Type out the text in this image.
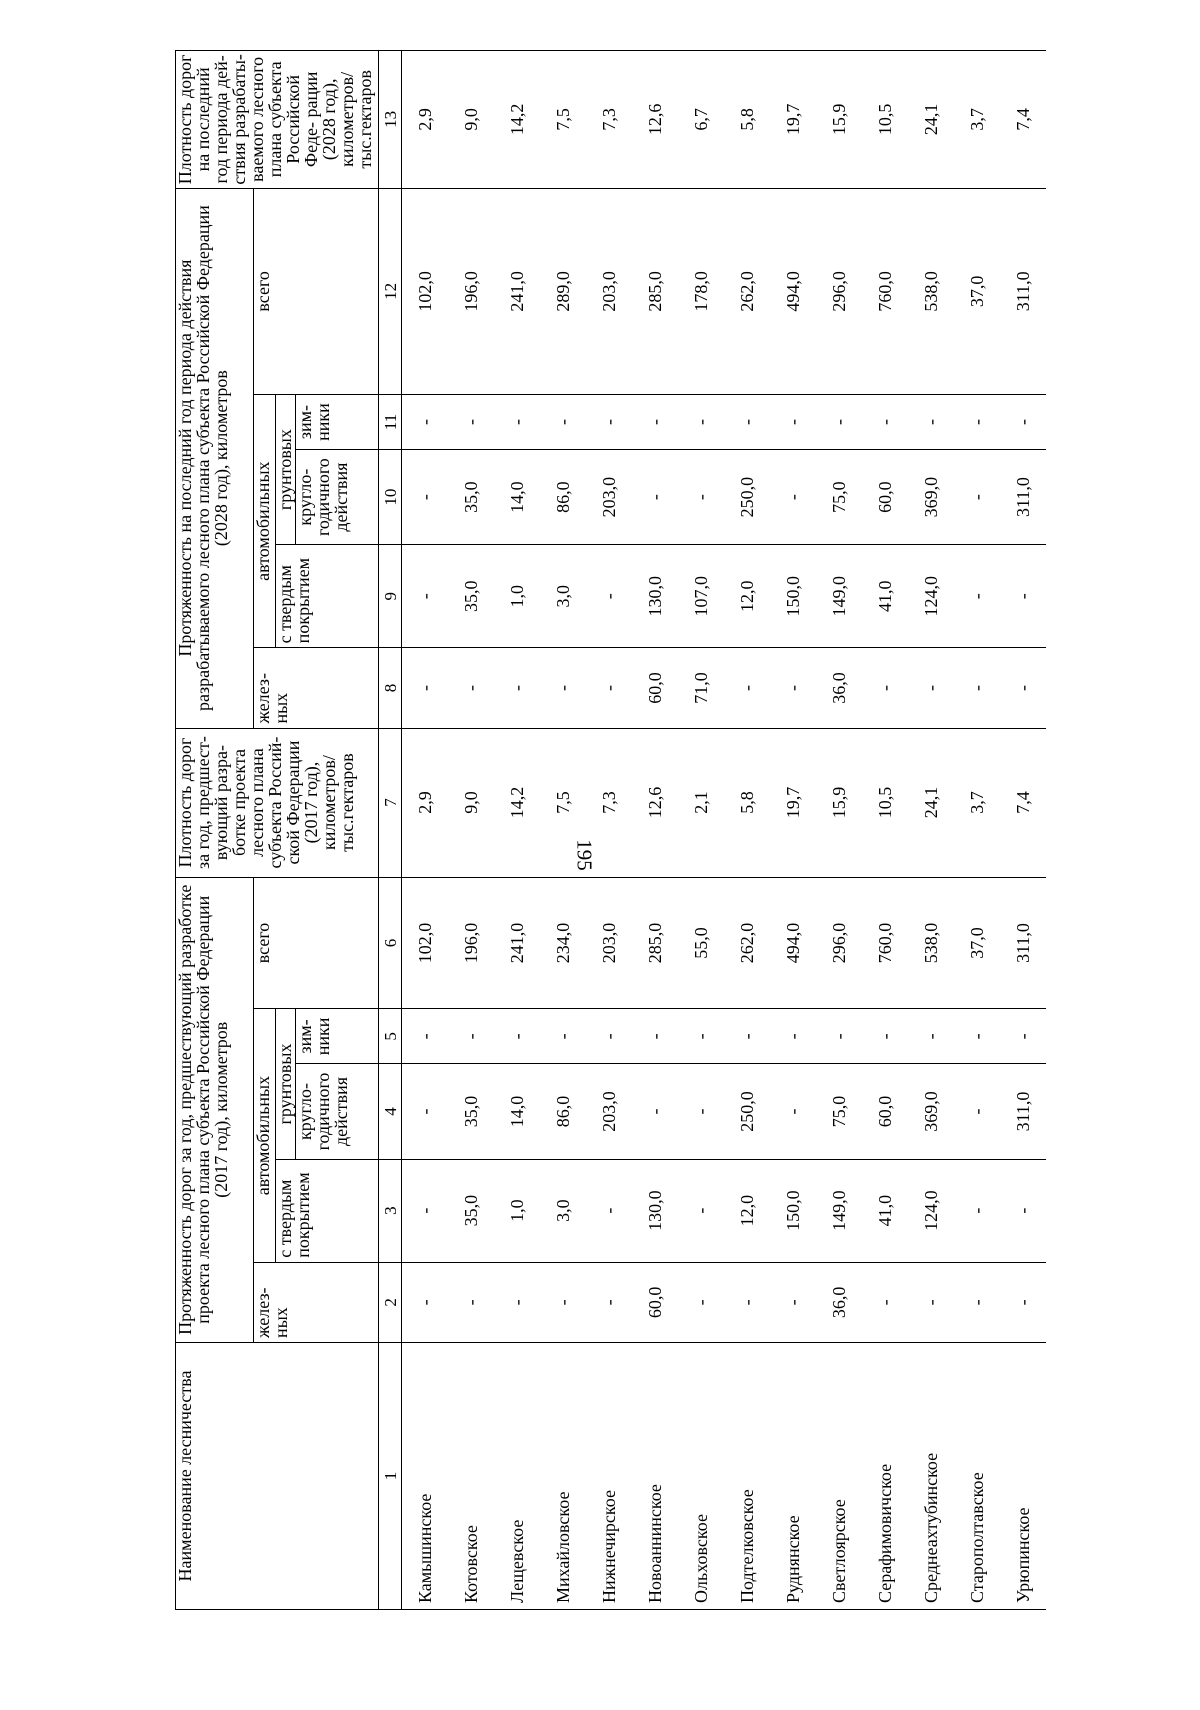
195
Наименование лесничества	Протяженность дорог за год, предшествующий разработке проекта лесного плана субъекта Российской Федерации (2017 год), километров					Плотность дорог за год, предшест- вующий разра- ботке проекта лесного плана субъекта Россий- ской Федерации (2017 год), километров/ тыс.гектаров	Протяженность на последний год периода действия разрабатываемого лесного плана субъекта Российской Федерации (2028 год), километров					Плотность дорог на последний год периода дей- ствия разрабаты- ваемого лесного плана субъекта Российской Феде- рации (2028 год), километров/ тыс.гектаров
	желез- ных	автомобильных			всего		желез- ных	автомобильных			всего	
		с твердым покрытием	грунтовых					с твердым покрытием	грунтовых			
			кругло- годичного действия	зим- ники					кругло- годичного действия	зим- ники		
1	2	3	4	5	6	7	8	9	10	11	12	13
Камышинское	-	-	-	-	102,0	2,9	-	-	-	-	102,0	2,9
Котовское	-	35,0	35,0	-	196,0	9,0	-	35,0	35,0	-	196,0	9,0
Лещевское	-	1,0	14,0	-	241,0	14,2	-	1,0	14,0	-	241,0	14,2
Михайловское	-	3,0	86,0	-	234,0	7,5	-	3,0	86,0	-	289,0	7,5
Нижнечирское	-	-	203,0	-	203,0	7,3	-	-	203,0	-	203,0	7,3
Новоаннинское	60,0	130,0	-	-	285,0	12,6	60,0	130,0	-	-	285,0	12,6
Ольховское	-	-	-	-	55,0	2,1	71,0	107,0	-	-	178,0	6,7
Подтелковское	-	12,0	250,0	-	262,0	5,8	-	12,0	250,0	-	262,0	5,8
Руднянское	-	150,0	-	-	494,0	19,7	-	150,0	-	-	494,0	19,7
Светлоярское	36,0	149,0	75,0	-	296,0	15,9	36,0	149,0	75,0	-	296,0	15,9
Серафимовичское	-	41,0	60,0	-	760,0	10,5	-	41,0	60,0	-	760,0	10,5
Среднеахтубинское	-	124,0	369,0	-	538,0	24,1	-	124,0	369,0	-	538,0	24,1
Старополтавское	-	-	-	-	37,0	3,7	-	-	-	-	37,0	3,7
Урюпинское	-	-	311,0	-	311,0	7,4	-	-	311,0	-	311,0	7,4
